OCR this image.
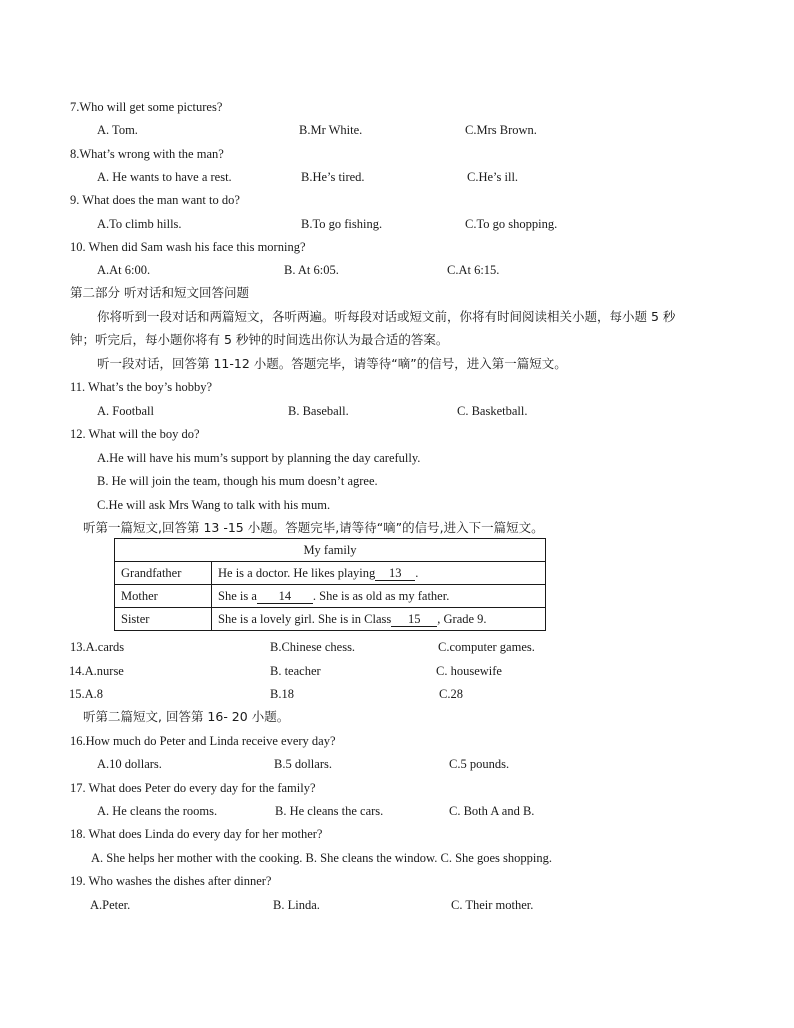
7.Who will get some pictures?
A. Tom.	B.Mr White.	C.Mrs Brown.
8.What’s wrong with the man?
A. He wants to have a rest.	B.He’s tired.	C.He’s ill.
9. What does the man want to do?
A.To climb hills.	B.To go fishing.	C.To go shopping.
10. When did Sam wash his face this morning?
A.At 6:00.	B. At 6:05.	C.At 6:15.
第二部分 听对话和短文回答问题
你将听到一段对话和两篇短文，各听两遍。听每段对话或短文前，你将有时间阅读相关小题，每小题 5 秒
钟；听完后，每小题你将有 5 秒钟的时间选出你认为最合适的答案。
听一段对话，回答第 11-12 小题。答题完毕，请等待“嘀”的信号，进入第一篇短文。
11. What’s the boy’s hobby?
A. Football	B. Baseball.	C. Basketball.
12. What will the boy do?
A.He will have his mum’s support by planning the day carefully.
B. He will join the team, though his mum doesn’t agree.
C.He will ask Mrs Wang to talk with his mum.
听第一篇短文,回答第 13 -15 小题。答题完毕,请等待“嘀”的信号,进入下一篇短文。
My family	
Grandfather	He is a doctor. He likes playing 13 .
Mother	She is a 14 . She is as old as my father.
Sister	She is a lovely girl. She is in Class 15 , Grade 9.
13.A.cards	B.Chinese chess.	C.computer games.
14.A.nurse	B. teacher	C. housewife
15.A.8	B.18	C.28
听第二篇短文, 回答第 16- 20 小题。
16.How much do Peter and Linda receive every day?
A.10 dollars.	B.5 dollars.	C.5 pounds.
17. What does Peter do every day for the family?
A. He cleans the rooms.	B. He cleans the cars.	C. Both A and B.
18. What does Linda do every day for her mother?
A. She helps her mother with the cooking. B. She cleans the window. C. She goes shopping.
19. Who washes the dishes after dinner?
A.Peter.	B. Linda.	C. Their mother.
